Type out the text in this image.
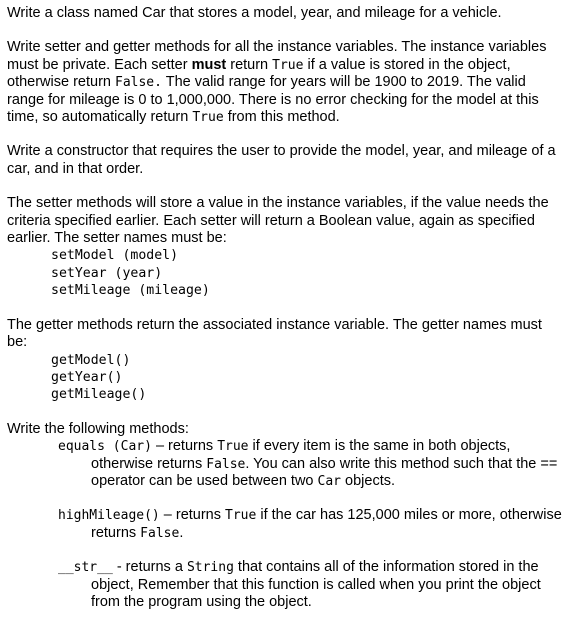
Write a class named Car that stores a model, year, and mileage for a vehicle.

Write setter and getter methods for all the instance variables. The instance variables must be private. Each setter must return True if a value is stored in the object, otherwise return False. The valid range for years will be 1900 to 2019. The valid range for mileage is 0 to 1,000,000. There is no error checking for the model at this time, so automatically return True from this method.

Write a constructor that requires the user to provide the model, year, and mileage of a car, and in that order.

The setter methods will store a value in the instance variables, if the value needs the criteria specified earlier. Each setter will return a Boolean value, again as specified earlier. The setter names must be:

setModel (model)
setYear (year)
setMileage (mileage)

The getter methods return the associated instance variable. The getter names must be:

getModel()
getYear()
getMileage()

Write the following methods:

equals (Car) – returns True if every item is the same in both objects, otherwise returns False. You can also write this method such that the == operator can be used between two Car objects.

highMileage() – returns True if the car has 125,000 miles or more, otherwise returns False.

__str__ - returns a String that contains all of the information stored in the object, Remember that this function is called when you print the object from the program using the object.
